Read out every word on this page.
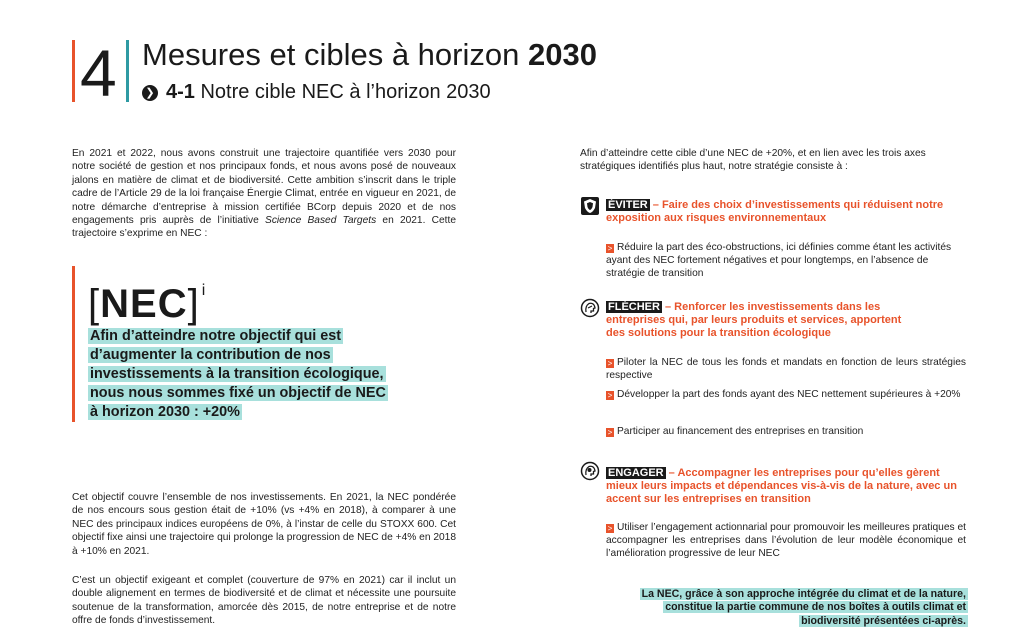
4 Mesures et cibles à horizon 2030
❯ 4-1 Notre cible NEC à l’horizon 2030
En 2021 et 2022, nous avons construit une trajectoire quantifiée vers 2030 pour notre société de gestion et nos principaux fonds, et nous avons posé de nouveaux jalons en matière de climat et de biodiversité. Cette ambition s’inscrit dans le triple cadre de l’Article 29 de la loi française Énergie Climat, entrée en vigueur en 2021, de notre démarche d’entreprise à mission certifiée BCorp depuis 2020 et de nos engagements pris auprès de l’initiative Science Based Targets en 2021. Cette trajectoire s’exprime en NEC :
[NEC] $^i$
Afin d’atteindre notre objectif qui est d’augmenter la contribution de nos investissements à la transition écologique, nous nous sommes fixé un objectif de NEC à horizon 2030 : +20%
Cet objectif couvre l’ensemble de nos investissements. En 2021, la NEC pondérée de nos encours sous gestion était de +10% (vs +4% en 2018), à comparer à une NEC des principaux indices européens de 0%, à l’instar de celle du STOXX 600. Cet objectif fixe ainsi une trajectoire qui prolonge la progression de NEC de +4% en 2018 à +10% en 2021.
C’est un objectif exigeant et complet (couverture de 97% en 2021) car il inclut un double alignement en termes de biodiversité et de climat et nécessite une poursuite soutenue de la transformation, amorcée dès 2015, de notre entreprise et de notre offre de fonds d’investissement.
Afin d’atteindre cette cible d’une NEC de +20%, et en lien avec les trois axes stratégiques identifiés plus haut, notre stratégie consiste à :
ÉVITER – Faire des choix d’investissements qui réduisent notre exposition aux risques environnementaux
> Réduire la part des éco-obstructions, ici définies comme étant les activités ayant des NEC fortement négatives et pour longtemps, en l’absence de stratégie de transition
FLÉCHER – Renforcer les investissements dans les entreprises qui, par leurs produits et services, apportent des solutions pour la transition écologique
> Piloter la NEC de tous les fonds et mandats en fonction de leurs stratégies respective
> Développer la part des fonds ayant des NEC nettement supérieures à +20%
> Participer au financement des entreprises en transition
ENGAGER – Accompagner les entreprises pour qu’elles gèrent mieux leurs impacts et dépendances vis-à-vis de la nature, avec un accent sur les entreprises en transition
> Utiliser l’engagement actionnarial pour promouvoir les meilleures pratiques et accompagner les entreprises dans l’évolution de leur modèle économique et l’amélioration progressive de leur NEC
La NEC, grâce à son approche intégrée du climat et de la nature, constitue la partie commune de nos boîtes à outils climat et biodiversité présentées ci-après.
